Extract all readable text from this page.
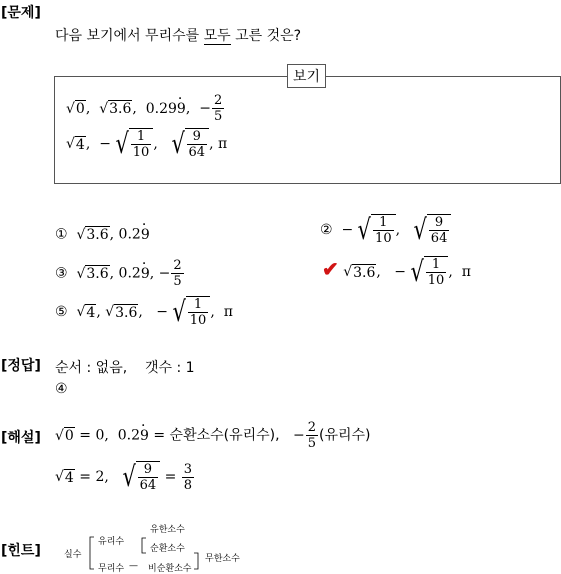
[문제]
다음 보기에서 무리수를 모두 고른 것은?
보기
√ 0 , √ 3.6 ,  0.29· 9,  − $\frac{2}{5}$
√ 4 ,  − √ $\frac{1}{10}$ , √ $\frac{9}{64}$ , π
① √ 3.6 , 0.2· 9	②  − √ $\frac{1}{10}$ , √ $\frac{9}{64}$
③ √ 3.6 , 0.2· 9, − $\frac{2}{5}$	✔ √ 3.6 ,   − √ $\frac{1}{10}$ ,  π
⑤ √ 4 , √ 3.6 ,   − √ $\frac{1}{10}$ ,  π
[정답] 순서 : 없음, 갯수 : 1
④
[해설] √ 0 = 0,  0.2· 9 = 순환소수(유리수),   − $\frac{2}{5}$ (유리수)
√ 4 = 2, √ $\frac{9}{64} = \frac{3}{8}$
[힌트]	실수
유리수
유한소수
순환소수
무한소수
무리수 — 비순환소수
